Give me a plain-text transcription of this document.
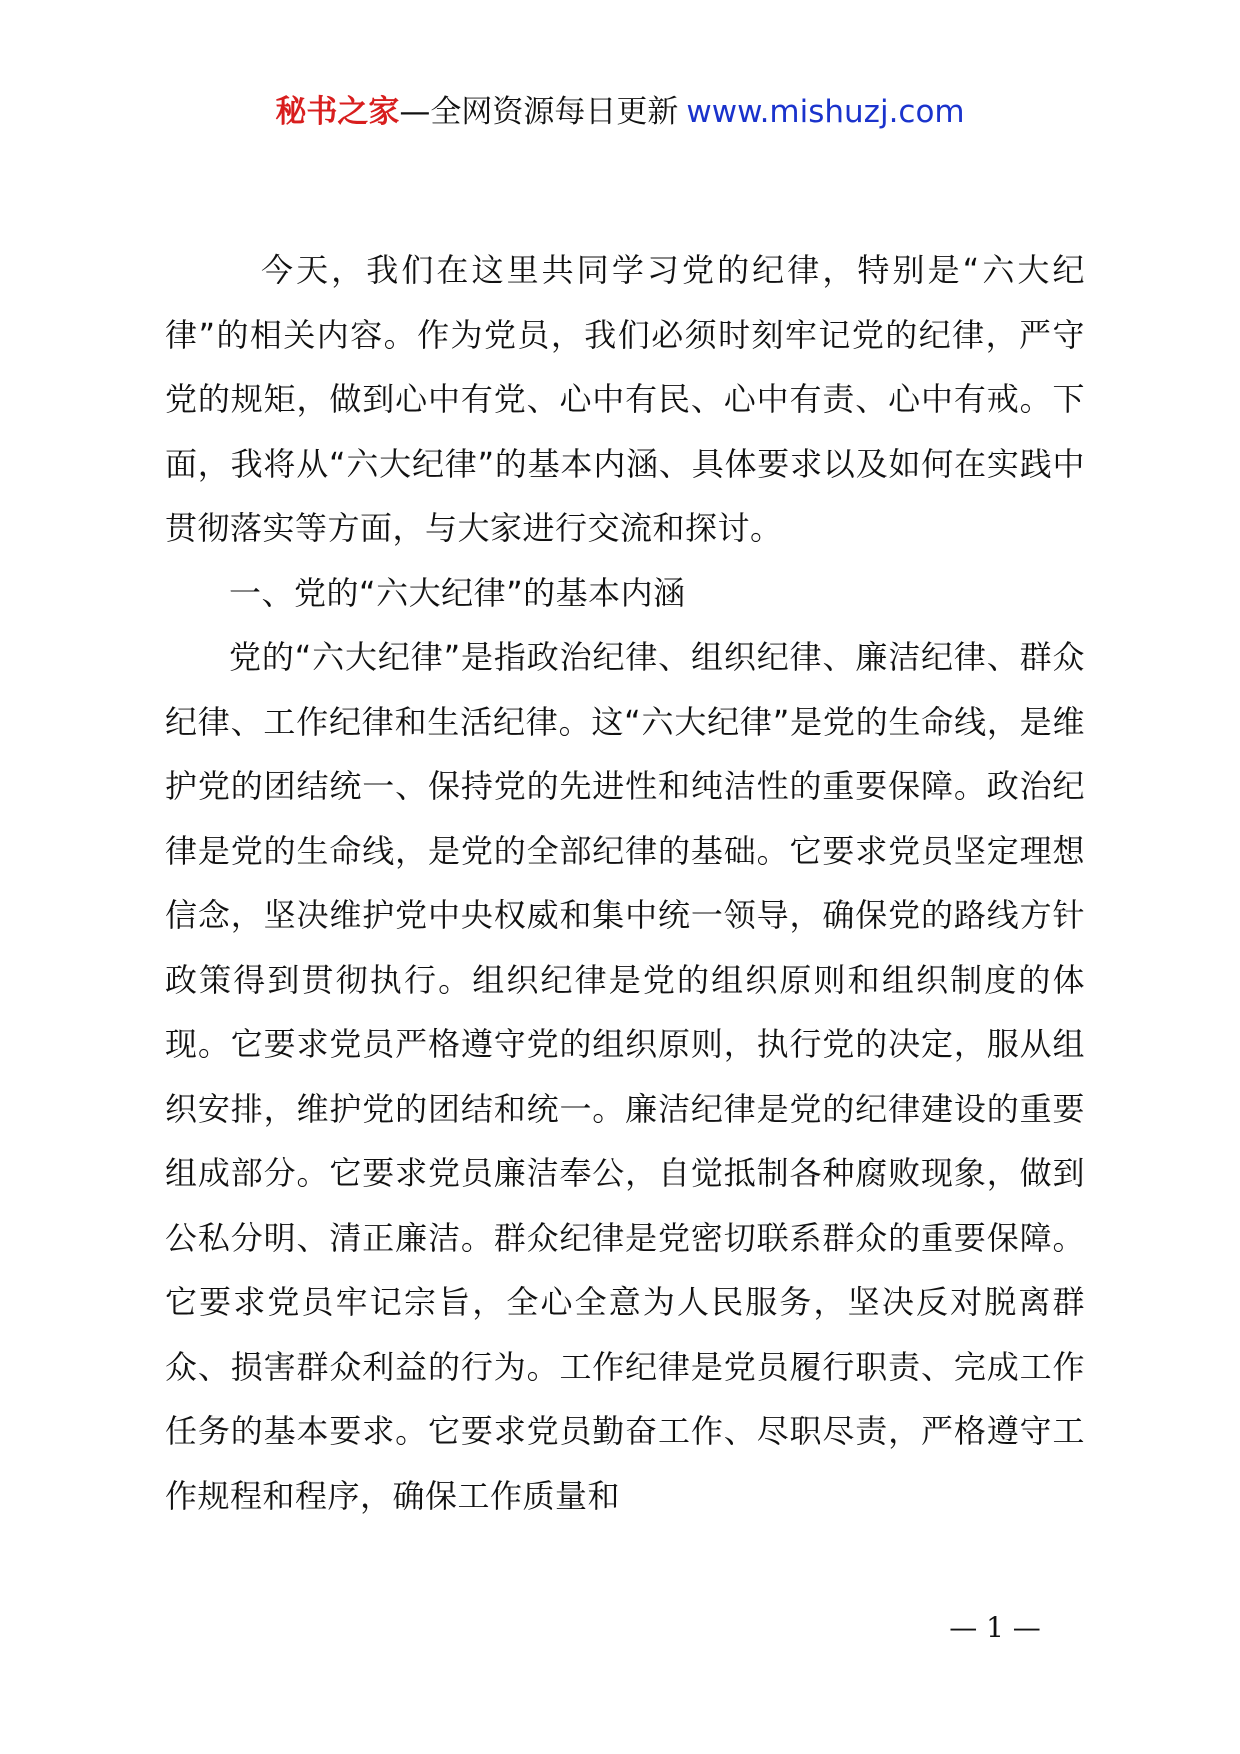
秘书之家—全网资源每日更新 www.mishuzj.com

今天，我们在这里共同学习党的纪律，特别是“六大纪律”的相关内容。作为党员，我们必须时刻牢记党的纪律，严守党的规矩，做到心中有党、心中有民、心中有责、心中有戒。下面，我将从“六大纪律”的基本内涵、具体要求以及如何在实践中贯彻落实等方面，与大家进行交流和探讨。

一、党的“六大纪律”的基本内涵

党的“六大纪律”是指政治纪律、组织纪律、廉洁纪律、群众纪律、工作纪律和生活纪律。这“六大纪律”是党的生命线，是维护党的团结统一、保持党的先进性和纯洁性的重要保障。政治纪律是党的生命线，是党的全部纪律的基础。它要求党员坚定理想信念，坚决维护党中央权威和集中统一领导，确保党的路线方针政策得到贯彻执行。组织纪律是党的组织原则和组织制度的体现。它要求党员严格遵守党的组织原则，执行党的决定，服从组织安排，维护党的团结和统一。廉洁纪律是党的纪律建设的重要组成部分。它要求党员廉洁奉公，自觉抵制各种腐败现象，做到公私分明、清正廉洁。群众纪律是党密切联系群众的重要保障。它要求党员牢记宗旨，全心全意为人民服务，坚决反对脱离群众、损害群众利益的行为。工作纪律是党员履行职责、完成工作任务的基本要求。它要求党员勤奋工作、尽职尽责，严格遵守工作规程和程序，确保工作质量和

— 1 —
